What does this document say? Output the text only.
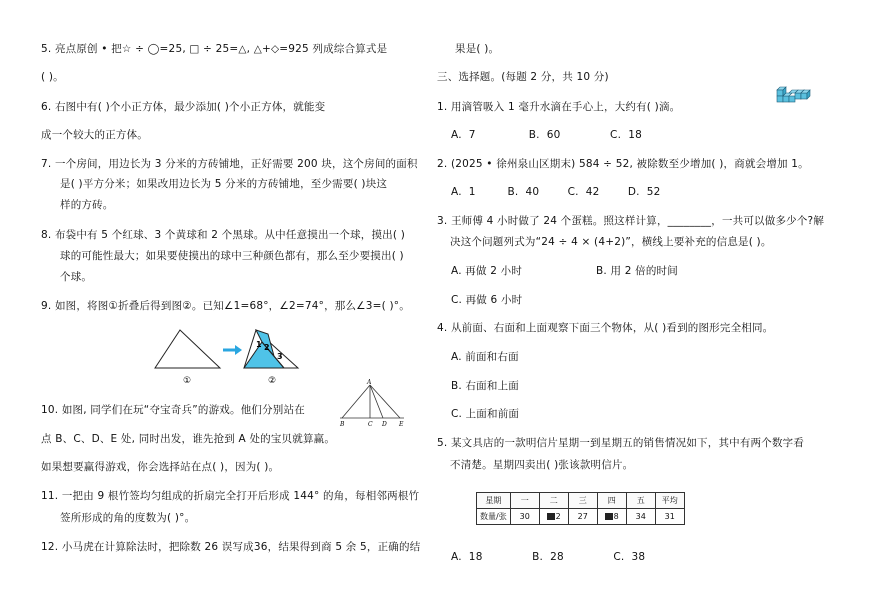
5. 亮点原创 • 把☆ ÷ ◯=25, □ ÷ 25=△, △+◇=925 列成综合算式是
( )。
6. 右图中有( )个小正方体，最少添加( )个小正方体，就能变
成一个较大的正方体。
7. 一个房间，用边长为 3 分米的方砖铺地，正好需要 200 块，这个房间的面积
是( )平方分米；如果改用边长为 5 分米的方砖铺地，至少需要( )块这
样的方砖。
8. 布袋中有 5 个红球、3 个黄球和 2 个黑球。从中任意摸出一个球，摸出( )
球的可能性最大；如果要使摸出的球中三种颜色都有，那么至少要摸出( )
个球。
9. 如图，将图①折叠后得到图②。已知∠1=68°，∠2=74°，那么∠3=( )°。
1 2
3
①	②
10. 如图, 同学们在玩“夺宝奇兵”的游戏。他们分别站在
A
B	C D E
点 B、C、D、E 处, 同时出发，谁先抢到 A 处的宝贝就算赢。
如果想要赢得游戏，你会选择站在点( )，因为( )。
11. 一把由 9 根竹签均匀组成的折扇完全打开后形成 144° 的角，每相邻两根竹
签所形成的角的度数为( )°。
12. 小马虎在计算除法时，把除数 26 误写成36，结果得到商 5 余 5，正确的结
果是( )。
三、选择题。(每题 2 分，共 10 分)
1. 用滴管吸入 1 毫升水滴在手心上，大约有( )滴。
A.  7               B.  60              C.  18
2. (2025 • 徐州泉山区期末) 584 ÷ 52, 被除数至少增加( )，商就会增加 1。
A.  1         B.  40        C.  42        D.  52
3. 王师傅 4 小时做了 24 个蛋糕。照这样计算，________，一共可以做多少个?解
决这个问题列式为“24 ÷ 4 × (4+2)”，横线上要补充的信息是( )。
A. 再做 2 小时	B. 用 2 倍的时间
C. 再做 6 小时
4. 从前面、右面和上面观察下面三个物体，从( )看到的图形完全相同。
A. 前面和右面
B. 右面和上面
C. 上面和前面
5. 某文具店的一款明信片星期一到星期五的销售情况如下，其中有两个数字看
不清楚。星期四卖出( )张该款明信片。
星期	一	二	三	四	五	平均
数量/张	30	2	27	8	34	31
A.  18              B.  28              C.  38
